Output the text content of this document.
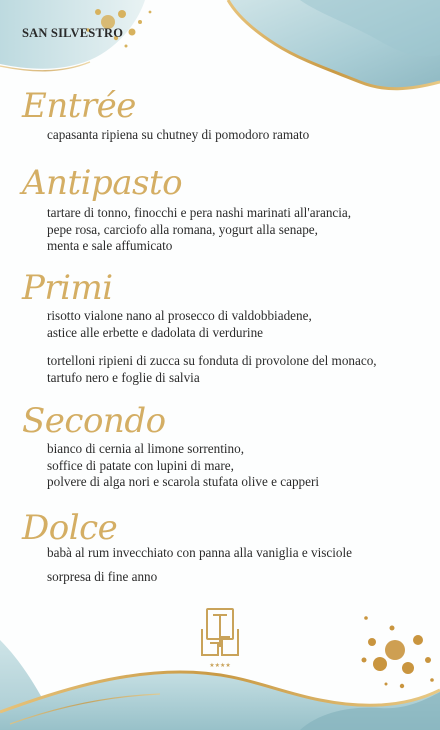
SAN SILVESTRO
Entrée

capasanta ripiena su chutney di pomodoro ramato

Antipasto

tartare di tonno, finocchi e pera nashi marinati all'arancia,
pepe rosa, carciofo alla romana, yogurt alla senape,
menta e sale affumicato

Primi

risotto vialone nano al prosecco di valdobbiadene,
astice alle erbette e dadolata di verdurine

tortelloni ripieni di zucca su fonduta di provolone del monaco,
tartufo nero e foglie di salvia

Secondo

bianco di cernia al limone sorrentino,
soffice di patate con lupini di mare,
polvere di alga nori e scarola stufata olive e capperi

Dolce

babà al rum invecchiato con panna alla vaniglia e visciole

sorpresa di fine anno

★★★★
